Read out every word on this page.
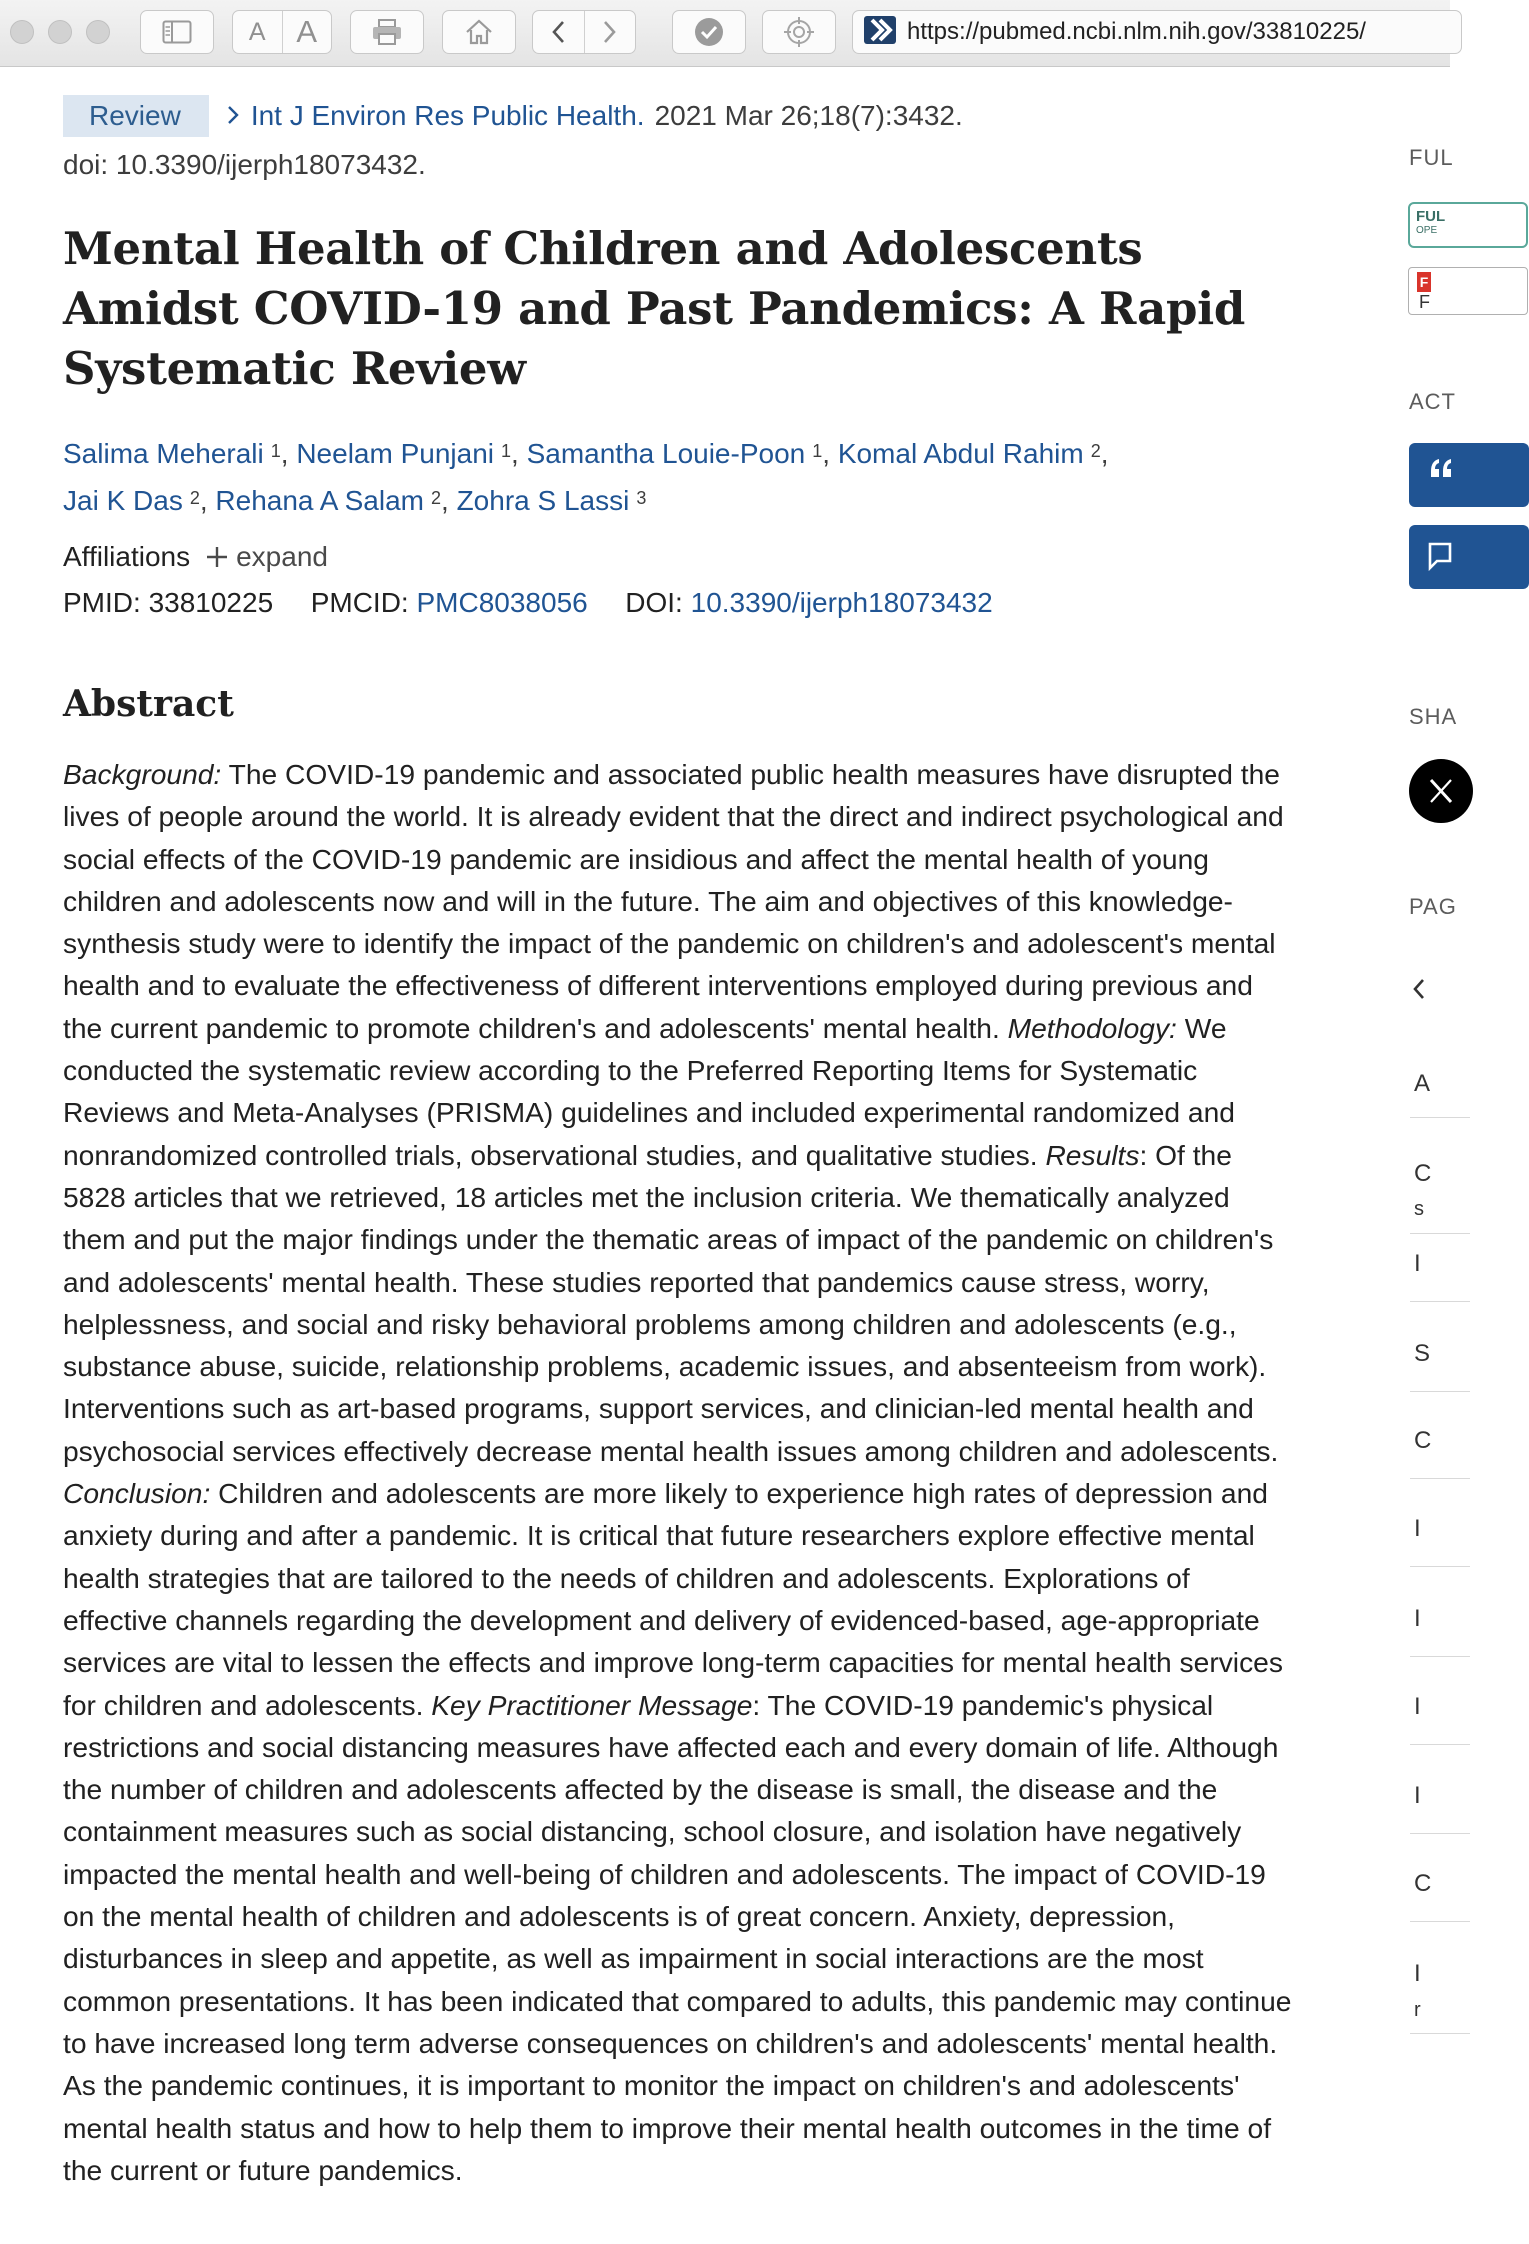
A A	https://pubmed.ncbi.nlm.nih.gov/33810225/
Review	Int J Environ Res Public Health. 2021 Mar 26;18(7):3432.
doi: 10.3390/ijerph18073432.
Mental Health of Children and Adolescents Amidst COVID-19 and Past Pandemics: A Rapid Systematic Review
Salima Meherali $^1$, Neelam Punjani $^1$, Samantha Louie-Poon $^1$, Komal Abdul Rahim $^2$,
Jai K Das $^2$, Rehana A Salam $^2$, Zohra S Lassi $^3$
Affiliations expand
PMID: 33810225 PMCID: PMC8038056 DOI: 10.3390/ijerph18073432
Abstract
Background: The COVID-19 pandemic and associated public health measures have disrupted the lives of people around the world. It is already evident that the direct and indirect psychological and social effects of the COVID-19 pandemic are insidious and affect the mental health of young children and adolescents now and will in the future. The aim and objectives of this knowledge-synthesis study were to identify the impact of the pandemic on children's and adolescent's mental health and to evaluate the effectiveness of different interventions employed during previous and the current pandemic to promote children's and adolescents' mental health. Methodology: We conducted the systematic review according to the Preferred Reporting Items for Systematic Reviews and Meta-Analyses (PRISMA) guidelines and included experimental randomized and nonrandomized controlled trials, observational studies, and qualitative studies. Results: Of the 5828 articles that we retrieved, 18 articles met the inclusion criteria. We thematically analyzed them and put the major findings under the thematic areas of impact of the pandemic on children's and adolescents' mental health. These studies reported that pandemics cause stress, worry, helplessness, and social and risky behavioral problems among children and adolescents (e.g., substance abuse, suicide, relationship problems, academic issues, and absenteeism from work). Interventions such as art-based programs, support services, and clinician-led mental health and psychosocial services effectively decrease mental health issues among children and adolescents. Conclusion: Children and adolescents are more likely to experience high rates of depression and anxiety during and after a pandemic. It is critical that future researchers explore effective mental health strategies that are tailored to the needs of children and adolescents. Explorations of effective channels regarding the development and delivery of evidenced-based, age-appropriate services are vital to lessen the effects and improve long-term capacities for mental health services for children and adolescents. Key Practitioner Message: The COVID-19 pandemic's physical restrictions and social distancing measures have affected each and every domain of life. Although the number of children and adolescents affected by the disease is small, the disease and the containment measures such as social distancing, school closure, and isolation have negatively impacted the mental health and well-being of children and adolescents. The impact of COVID-19 on the mental health of children and adolescents is of great concern. Anxiety, depression, disturbances in sleep and appetite, as well as impairment in social interactions are the most common presentations. It has been indicated that compared to adults, this pandemic may continue to have increased long term adverse consequences on children's and adolescents' mental health. As the pandemic continues, it is important to monitor the impact on children's and adolescents' mental health status and how to help them to improve their mental health outcomes in the time of the current or future pandemics.
FUL
FUL
OPE
F
F
ACT
SHA
PAG
A
C
I
S
C
I
I
I
I
C
I
s
r
